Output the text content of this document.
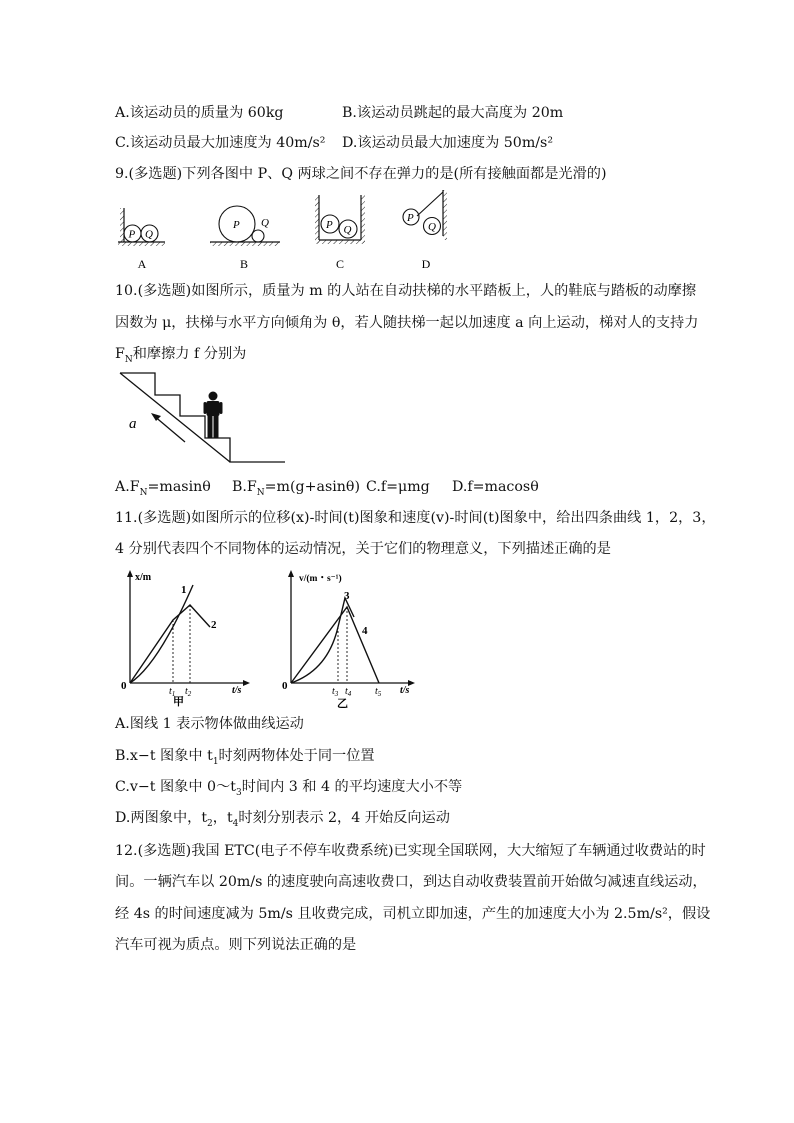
A.该运动员的质量为 60kg	B.该运动员跳起的最大高度为 20m
C.该运动员最大加速度为 40m/s² D.该运动员最大加速度为 50m/s²
9.(多选题)下列各图中 P、Q 两球之间不存在弹力的是(所有接触面都是光滑的)
P Q
P Q	P Q
P
Q
A	B	C	D
10.(多选题)如图所示，质量为 m 的人站在自动扶梯的水平踏板上，人的鞋底与踏板的动摩擦
因数为 μ，扶梯与水平方向倾角为 θ，若人随扶梯一起以加速度 a 向上运动，梯对人的支持力
$F_N$和摩擦力 f 分别为
a
$A.F_N=masin\theta$ $B.F_N=m(g+asin\theta)$ C.f=μmg D.f=macosθ
11.(多选题)如图所示的位移(x)-时间(t)图象和速度(v)-时间(t)图象中，给出四条曲线 1，2，3，
4 分别代表四个不同物体的运动情况，关于它们的物理意义，下列描述正确的是
x/m
t/s
0
1
2
$t_1$ $t_2$
甲
v/(m・s⁻¹)
t/s
0
3
4
$t_3$ $t_4$ $t_5$
乙
A.图线 1 表示物体做曲线运动
B.x−t 图象中 $t_1$时刻两物体处于同一位置
C.v−t 图象中 $0\sim t_3$时间内 3 和 4 的平均速度大小不等
D.两图象中，$t_2$，$t_4$时刻分别表示 2，4 开始反向运动
12.(多选题)我国 ETC(电子不停车收费系统)已实现全国联网，大大缩短了车辆通过收费站的时
间。一辆汽车以 20m/s 的速度驶向高速收费口，到达自动收费装置前开始做匀减速直线运动，
经 4s 的时间速度减为 5m/s 且收费完成，司机立即加速，产生的加速度大小为 2.5m/s²，假设
汽车可视为质点。则下列说法正确的是
